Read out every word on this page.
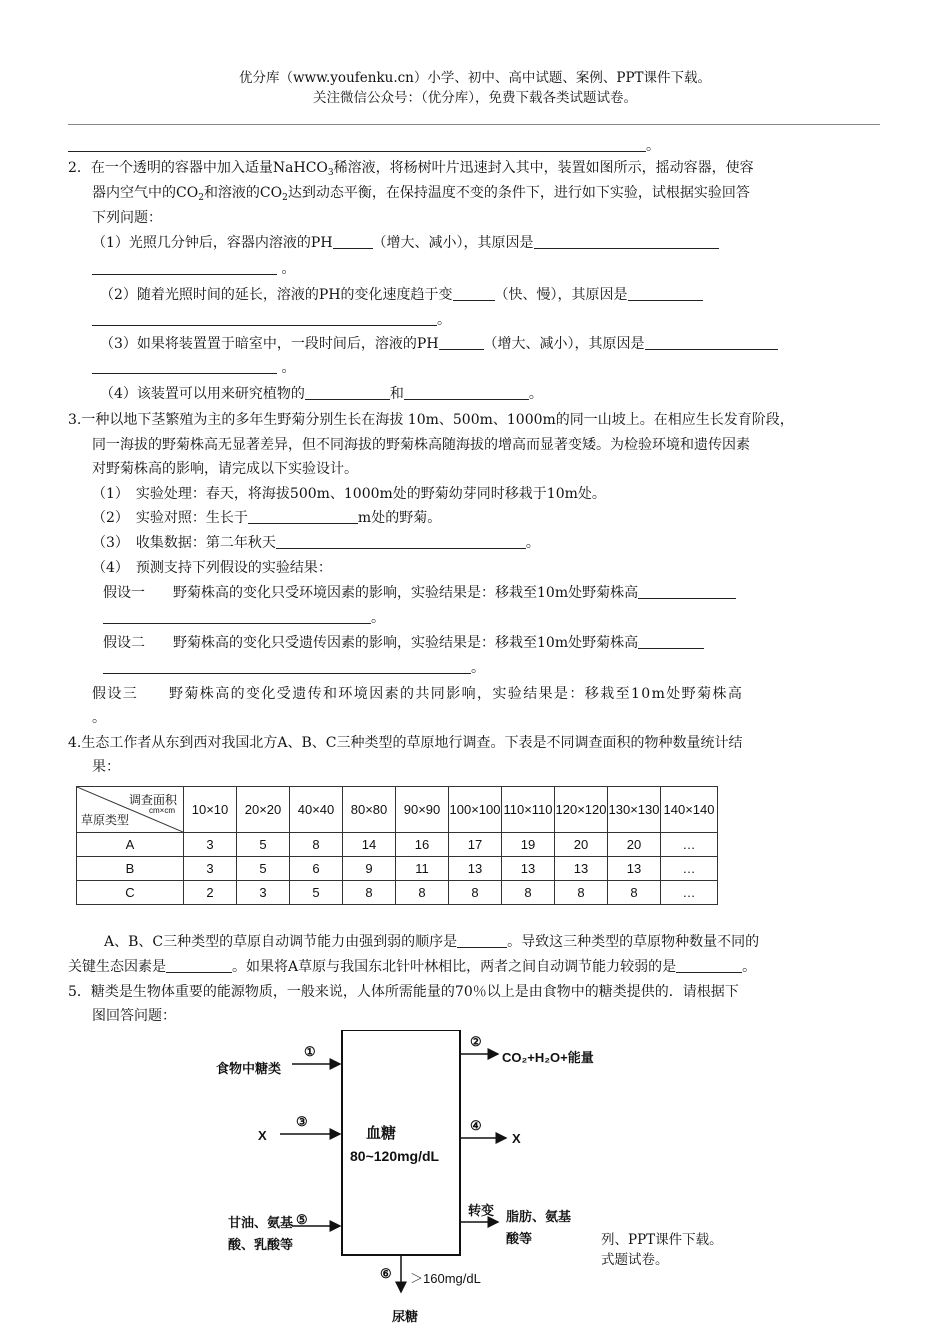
优分库（www.youfenku.cn）小学、初中、高中试题、案例、PPT课件下载。
关注微信公众号：（优分库），免费下载各类试题试卷。
。
2．在一个透明的容器中加入适量NaHCO$_3$稀溶液，将杨树叶片迅速封入其中，装置如图所示，摇动容器，使容
器内空气中的$CO_2$和溶液的$CO_2$达到动态平衡，在保持温度不变的条件下，进行如下实验，试根据实验回答
下列问题：
（1）光照几分钟后，容器内溶液的PH	（增大、减小），其原因是
。
（2）随着光照时间的延长，溶液的PH的变化速度趋于变	（快、慢），其原因是
。
（3）如果将装置置于暗室中，一段时间后，溶液的PH	（增大、减小），其原因是
。
（4）该装置可以用来研究植物的	和	。
3.一种以地下茎繁殖为主的多年生野菊分别生长在海拔 10m、500m、1000m的同一山坡上。在相应生长发育阶段，
同一海拔的野菊株高无显著差异，但不同海拔的野菊株高随海拔的增高而显著变矮。为检验环境和遗传因素
对野菊株高的影响，请完成以下实验设计。
（1）　实验处理：春天，将海拔500m、1000m处的野菊幼芽同时移栽于10m处。
（2）　实验对照：生长于	m处的野菊。
（3）　收集数据：第二年秋天	。
（4）　预测支持下列假设的实验结果：
假设一　　野菊株高的变化只受环境因素的影响，实验结果是：移栽至10m处野菊株高
。
假设二　　野菊株高的变化只受遗传因素的影响，实验结果是：移栽至10m处野菊株高
。
假设三　　野菊株高的变化受遗传和环境因素的共同影响，实验结果是：移栽至10m处野菊株高
。
4.生态工作者从东到西对我国北方A、B、C三种类型的草原地行调查。下表是不同调查面积的物种数量统计结
果：
调查面积
cm×cm
草原类型	10×10	20×20	40×40	80×80	90×90	100×100	110×110	120×120	130×130	140×140
A	3	5	8	14	16	17	19	20	20	…
B	3	5	6	9	11	13	13	13	13	…
C	2	3	5	8	8	8	8	8	8	…
A、B、C三种类型的草原自动调节能力由强到弱的顺序是	。导致这三种类型的草原物种数量不同的
关键生态因素是	。如果将A草原与我国东北针叶林相比，两者之间自动调节能力较弱的是	。
5．糖类是生物体重要的能源物质，一般来说，人体所需能量的70％以上是由食物中的糖类提供的．请根据下
图回答问题：
血糖
80~120mg/dL
食物中糖类
①
X
③
甘油、氨基
酸、乳酸等
⑤
②
CO₂+H₂O+能量
④
X
转变 脂肪、氨基
酸等
⑥ ＞160mg/dL
尿糖
列、PPT课件下载。
式题试卷。
